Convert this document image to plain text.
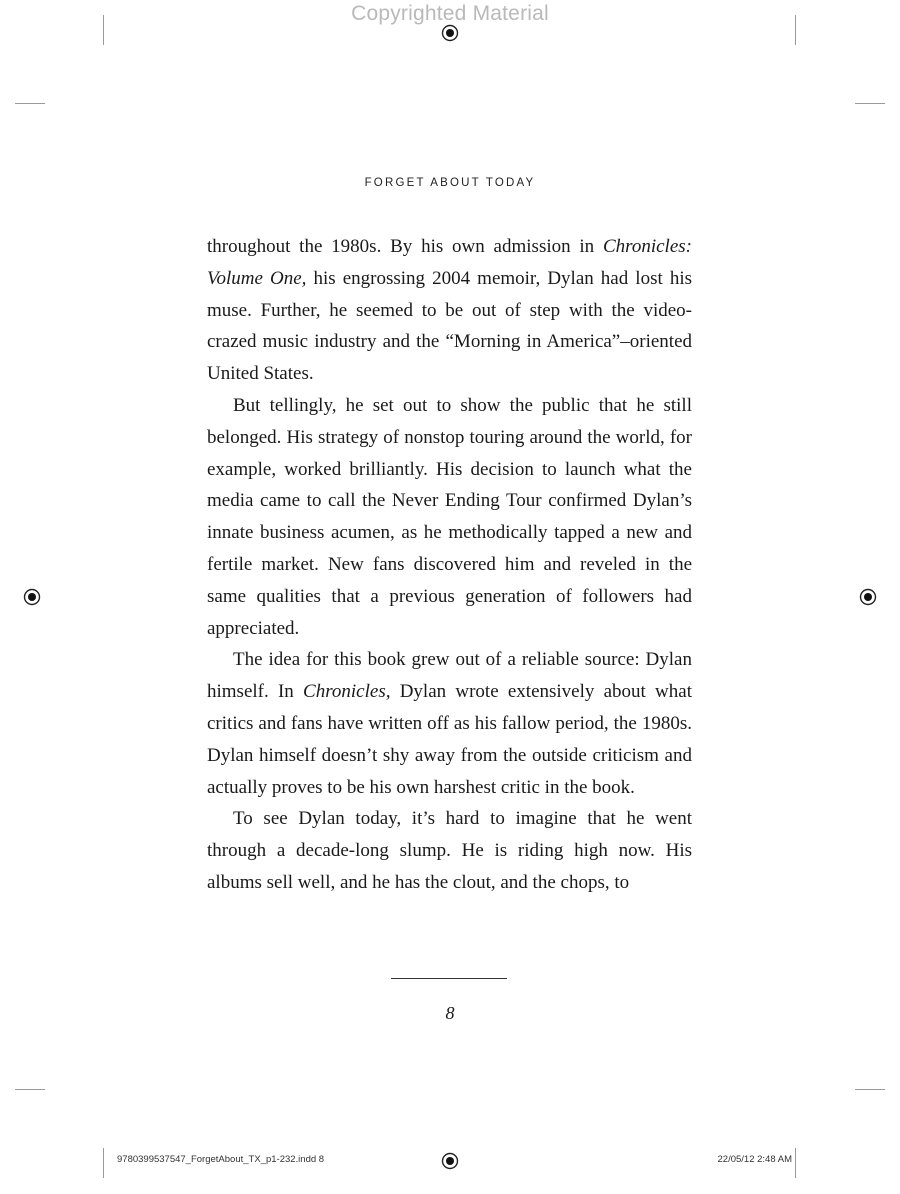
Copyrighted Material
FORGET ABOUT TODAY

throughout the 1980s. By his own admission in Chronicles: Volume One, his engrossing 2004 memoir, Dylan had lost his muse. Further, he seemed to be out of step with the video-crazed music industry and the “Morning in America”–oriented United States.

But tellingly, he set out to show the public that he still belonged. His strategy of nonstop touring around the world, for example, worked brilliantly. His decision to launch what the media came to call the Never Ending Tour confirmed Dylan’s innate business acumen, as he methodically tapped a new and fertile market. New fans discovered him and reveled in the same qualities that a previous generation of followers had appreciated.

The idea for this book grew out of a reliable source: Dylan himself. In Chronicles, Dylan wrote extensively about what critics and fans have written off as his fallow period, the 1980s. Dylan himself doesn’t shy away from the outside criticism and actually proves to be his own harshest critic in the book.

To see Dylan today, it’s hard to imagine that he went through a decade-long slump. He is riding high now. His albums sell well, and he has the clout, and the chops, to

8
9780399537547_ForgetAbout_TX_p1-232.indd 8	22/05/12 2:48 AM
